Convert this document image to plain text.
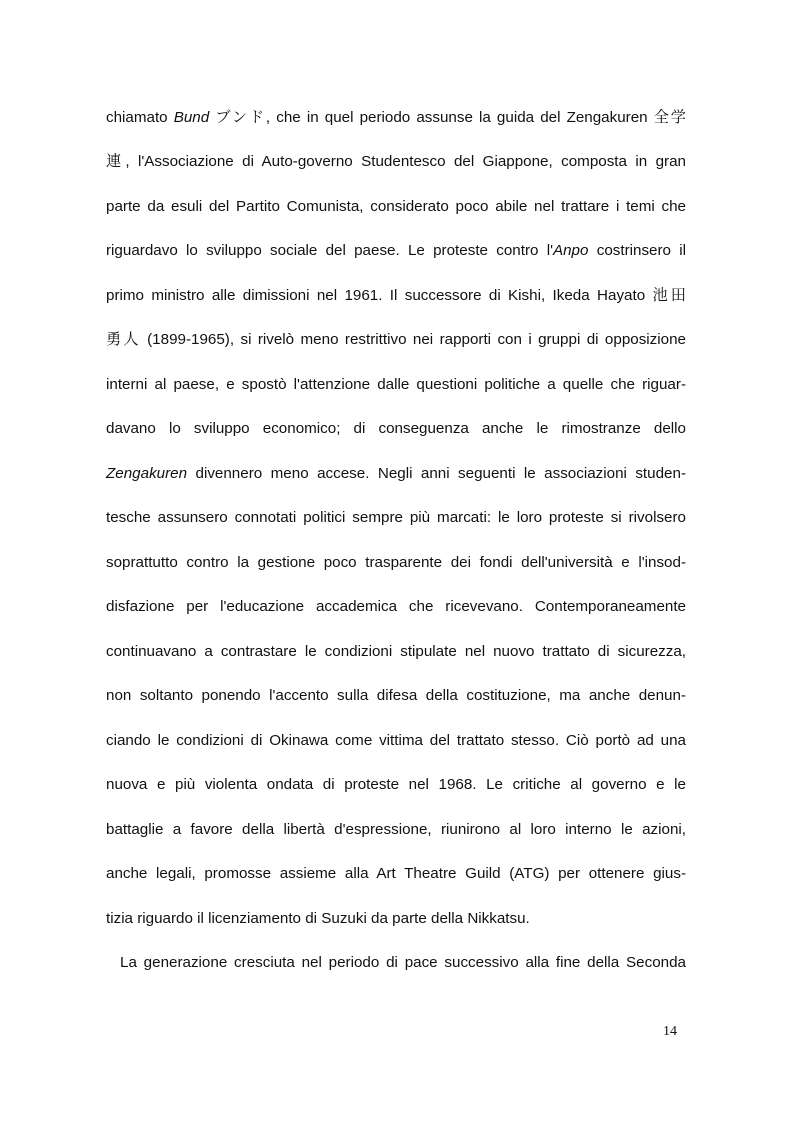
chiamato Bund ブンド, che in quel periodo assunse la guida del Zengakuren 全学
連, l'Associazione di Auto-governo Studentesco del Giappone, composta in gran
parte da esuli del Partito Comunista, considerato poco abile nel trattare i temi che
riguardavo lo sviluppo sociale del paese. Le proteste contro l'Anpo costrinsero il
primo ministro alle dimissioni nel 1961. Il successore di Kishi, Ikeda Hayato 池田
勇人 (1899-1965), si rivelò meno restrittivo nei rapporti con i gruppi di opposizione
interni al paese, e spostò l'attenzione dalle questioni politiche a quelle che riguar-
davano lo sviluppo economico; di conseguenza anche le rimostranze dello
Zengakuren divennero meno accese. Negli anni seguenti le associazioni studen-
tesche assunsero connotati politici sempre più marcati: le loro proteste si rivolsero
soprattutto contro la gestione poco trasparente dei fondi dell'università e l'insod-
disfazione per l'educazione accademica che ricevevano. Contemporaneamente
continuavano a contrastare le condizioni stipulate nel nuovo trattato di sicurezza,
non soltanto ponendo l'accento sulla difesa della costituzione, ma anche denun-
ciando le condizioni di Okinawa come vittima del trattato stesso. Ciò portò ad una
nuova e più violenta ondata di proteste nel 1968. Le critiche al governo e le
battaglie a favore della libertà d'espressione, riunirono al loro interno le azioni,
anche legali, promosse assieme alla Art Theatre Guild (ATG) per ottenere gius-
tizia riguardo il licenziamento di Suzuki da parte della Nikkatsu.
La generazione cresciuta nel periodo di pace successivo alla fine della Seconda
14
